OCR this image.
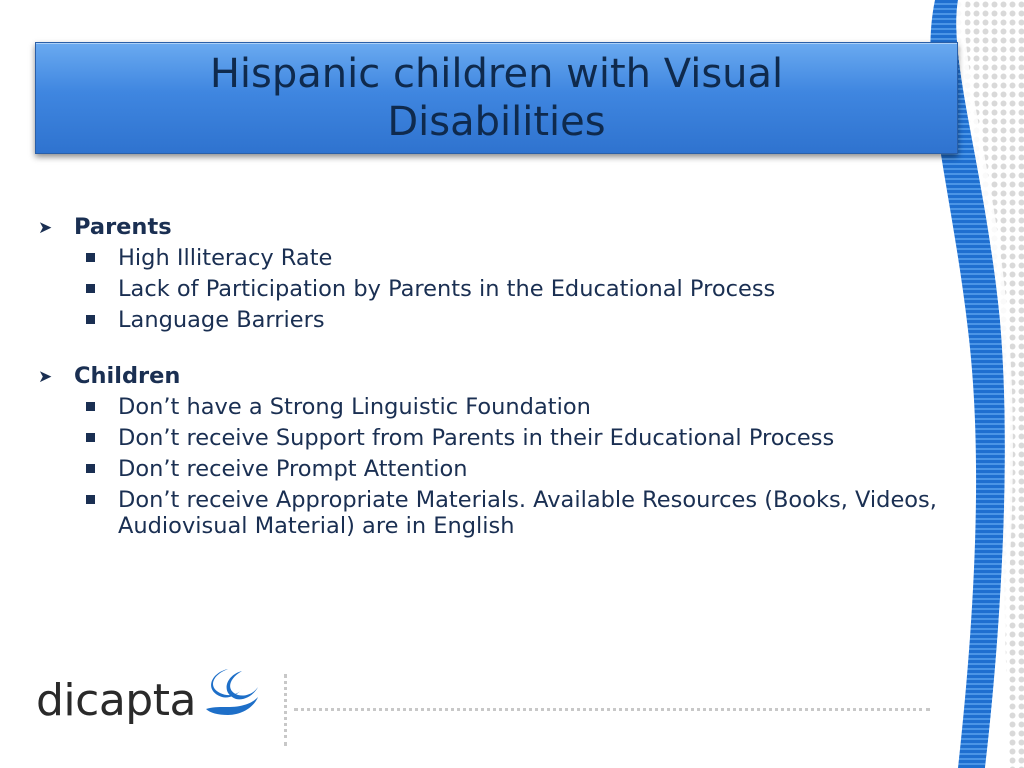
Hispanic children with Visual Disabilities
➤ Parents
High Illiteracy Rate
Lack of Participation by Parents in the Educational Process
Language Barriers
➤ Children
Don’t have a Strong Linguistic Foundation
Don’t receive Support from Parents in their Educational Process
Don’t receive Prompt Attention
Don’t receive Appropriate Materials. Available Resources (Books, Videos, Audiovisual Material) are in English
dicapta
